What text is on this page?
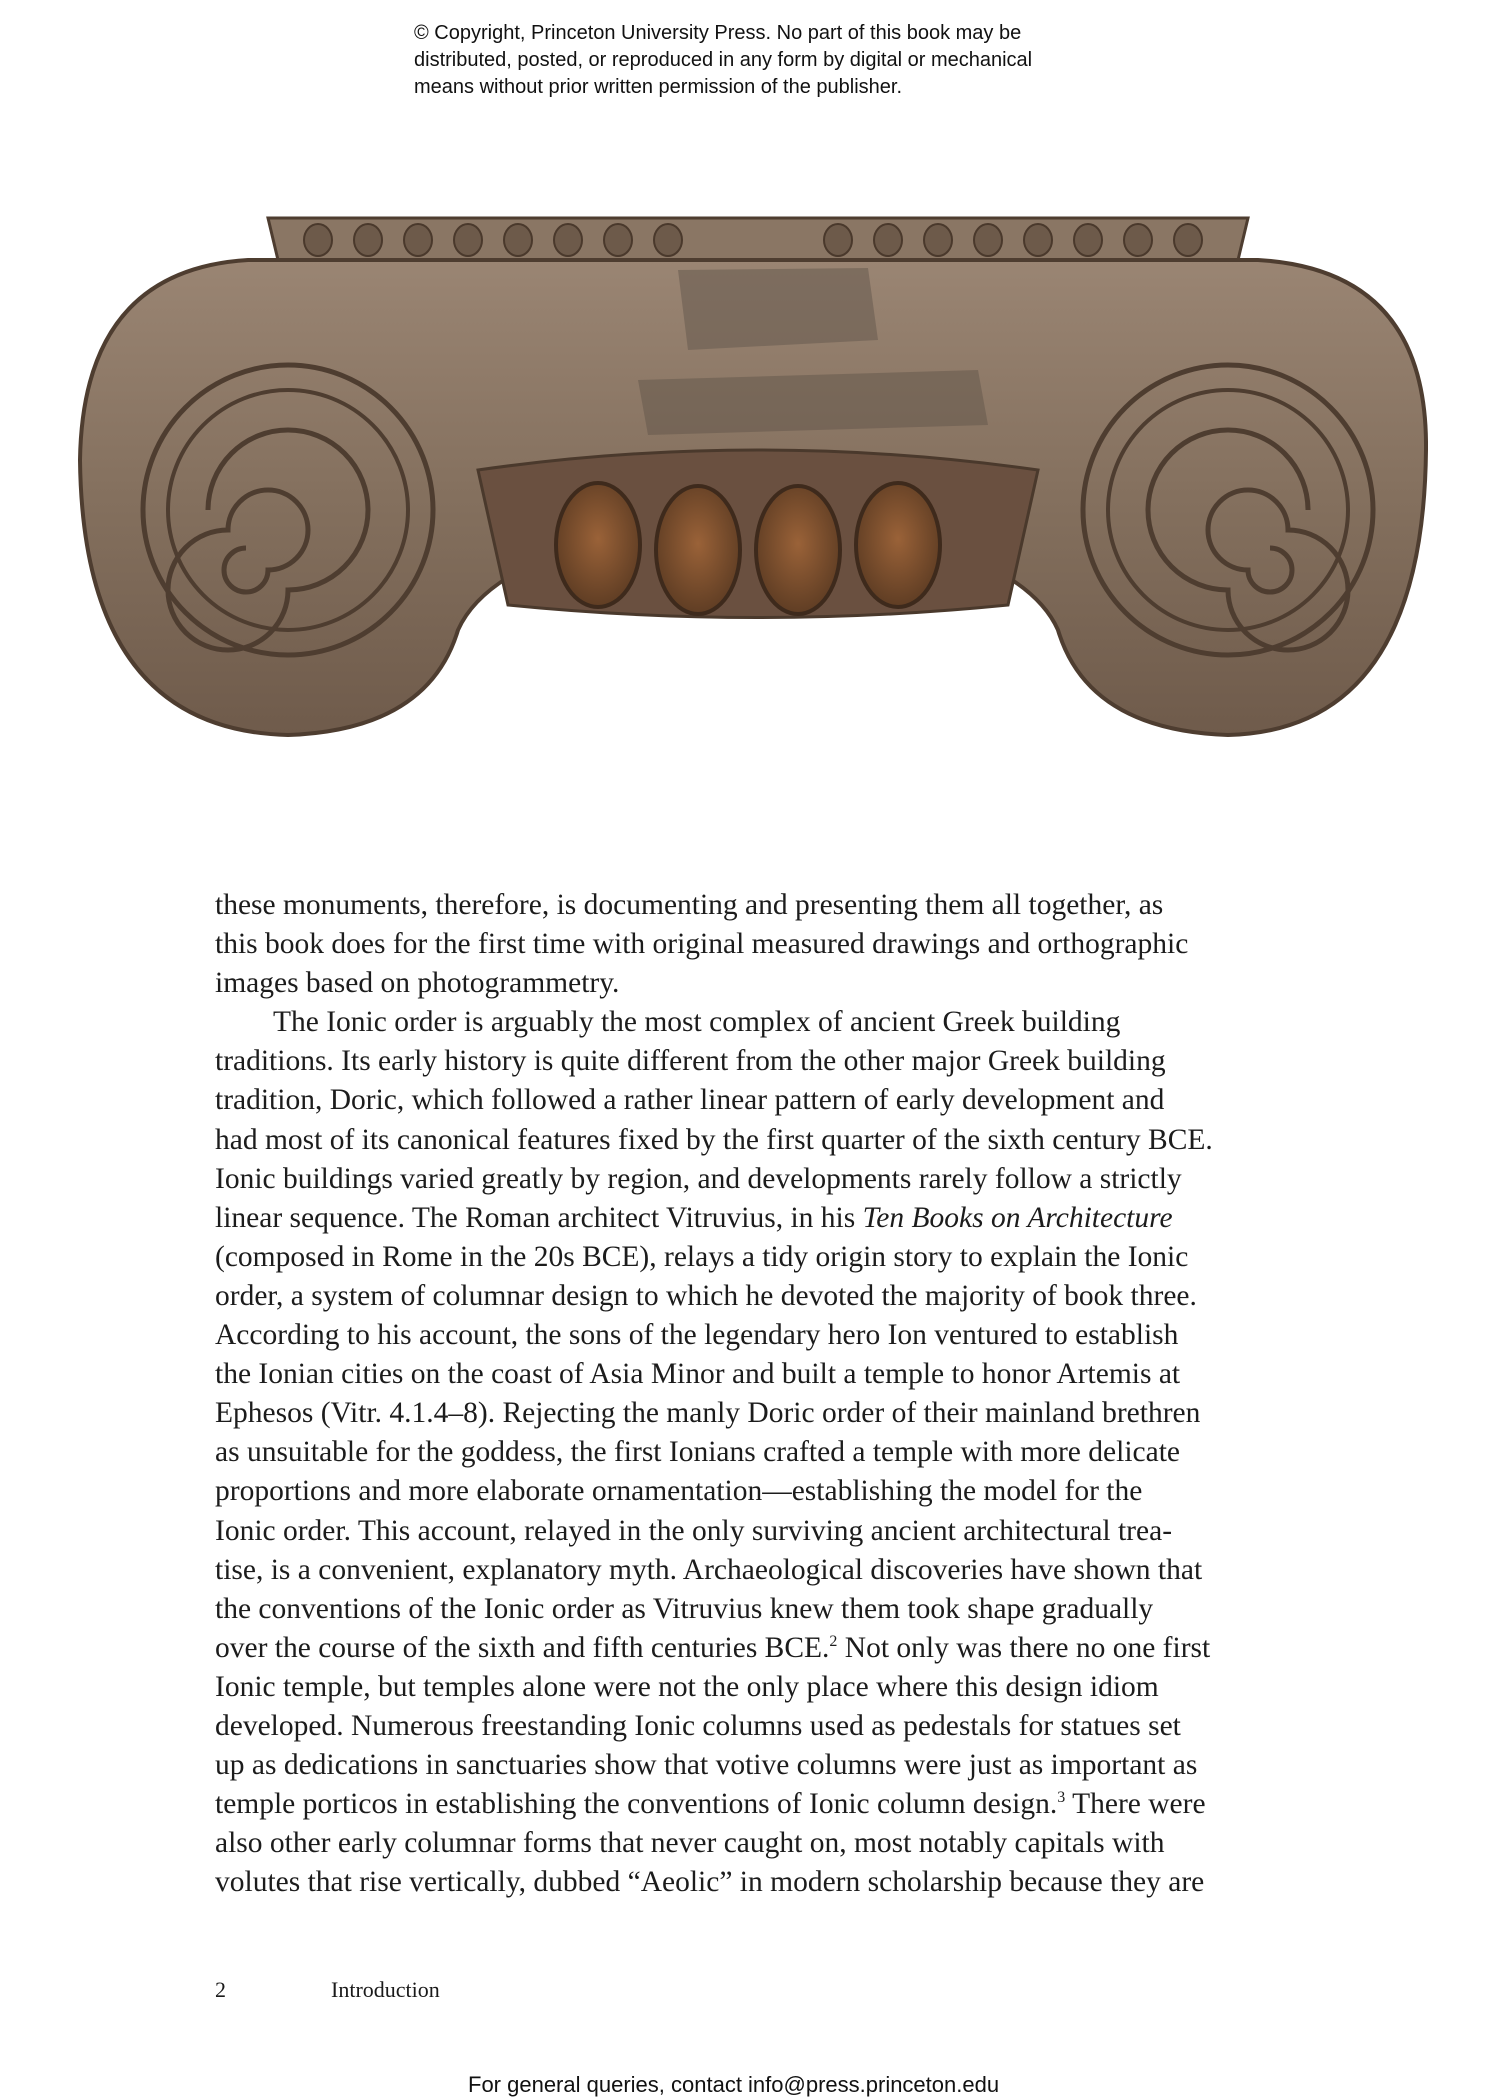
© Copyright, Princeton University Press. No part of this book may be
distributed, posted, or reproduced in any form by digital or mechanical
means without prior written permission of the publisher.
these monuments, therefore, is documenting and presenting them all together, as
this book does for the first time with original measured drawings and orthographic
images based on photogrammetry.
The Ionic order is arguably the most complex of ancient Greek building
traditions. Its early history is quite different from the other major Greek building
tradition, Doric, which followed a rather linear pattern of early development and
had most of its canonical features fixed by the first quarter of the sixth century BCE.
Ionic buildings varied greatly by region, and developments rarely follow a strictly
linear sequence. The Roman architect Vitruvius, in his Ten Books on Architecture
(composed in Rome in the 20s BCE), relays a tidy origin story to explain the Ionic
order, a system of columnar design to which he devoted the majority of book three.
According to his account, the sons of the legendary hero Ion ventured to establish
the Ionian cities on the coast of Asia Minor and built a temple to honor Artemis at
Ephesos (Vitr. 4.1.4–8). Rejecting the manly Doric order of their mainland brethren
as unsuitable for the goddess, the first Ionians crafted a temple with more delicate
proportions and more elaborate ornamentation—establishing the model for the
Ionic order. This account, relayed in the only surviving ancient architectural trea-
tise, is a convenient, explanatory myth. Archaeological discoveries have shown that
the conventions of the Ionic order as Vitruvius knew them took shape gradually
over the course of the sixth and fifth centuries BCE.$^2$ Not only was there no one first
Ionic temple, but temples alone were not the only place where this design idiom
developed. Numerous freestanding Ionic columns used as pedestals for statues set
up as dedications in sanctuaries show that votive columns were just as important as
temple porticos in establishing the conventions of Ionic column design.$^3$ There were
also other early columnar forms that never caught on, most notably capitals with
volutes that rise vertically, dubbed “Aeolic” in modern scholarship because they are
2	Introduction
For general queries, contact info@press.princeton.edu
